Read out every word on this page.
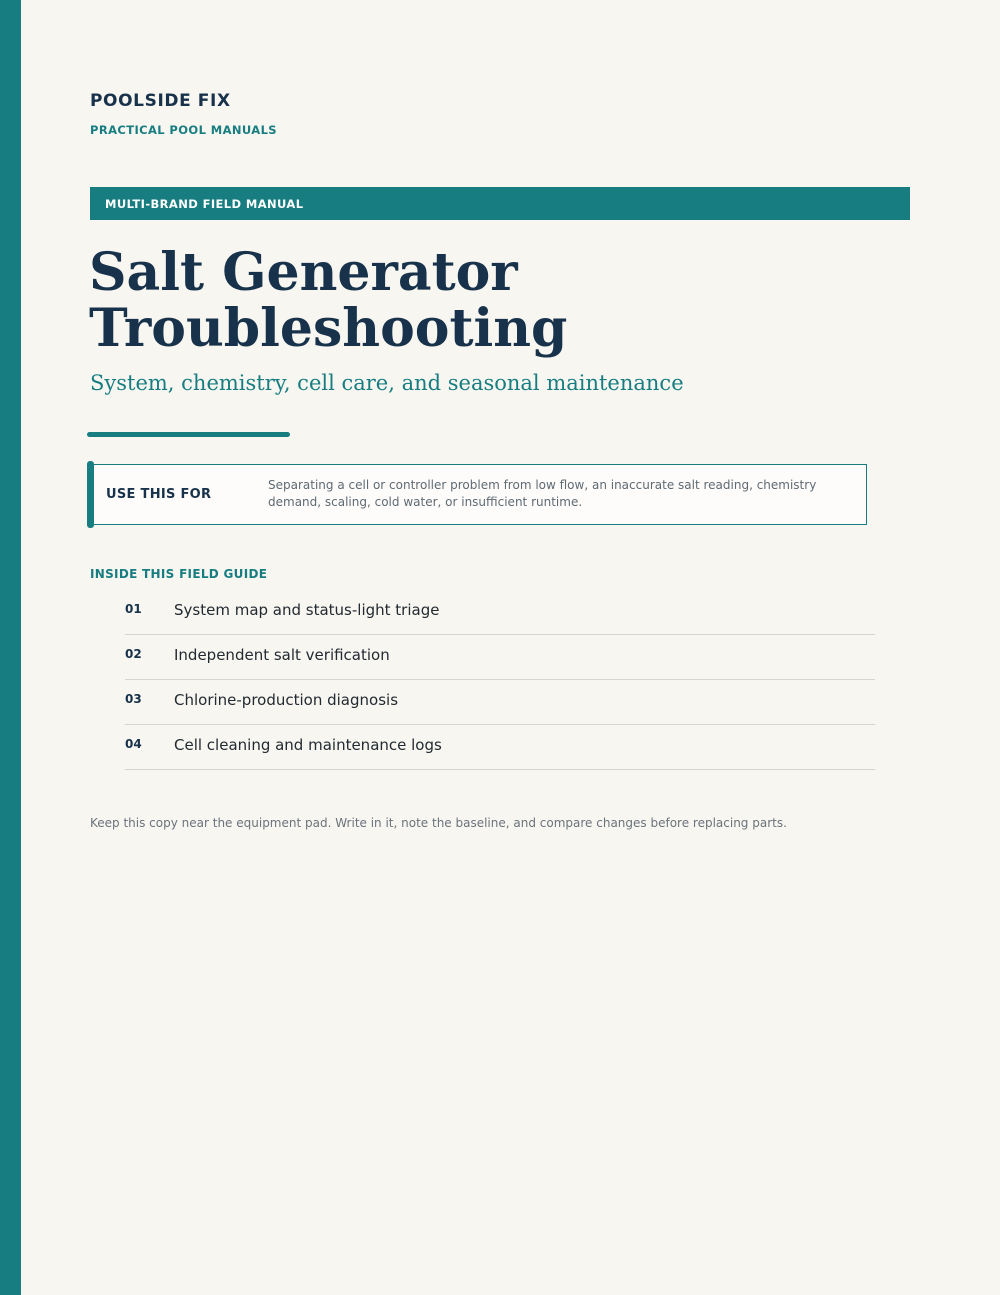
POOLSIDE FIX
PRACTICAL POOL MANUALS
MULTI-BRAND FIELD MANUAL
Salt Generator
Troubleshooting
System, chemistry, cell care, and seasonal maintenance
USE THIS FOR
Separating a cell or controller problem from low flow, an inaccurate salt reading, chemistry demand, scaling, cold water, or insufficient runtime.
INSIDE THIS FIELD GUIDE
01 System map and status-light triage
02 Independent salt verification
03 Chlorine-production diagnosis
04 Cell cleaning and maintenance logs
Keep this copy near the equipment pad. Write in it, note the baseline, and compare changes before replacing parts.
